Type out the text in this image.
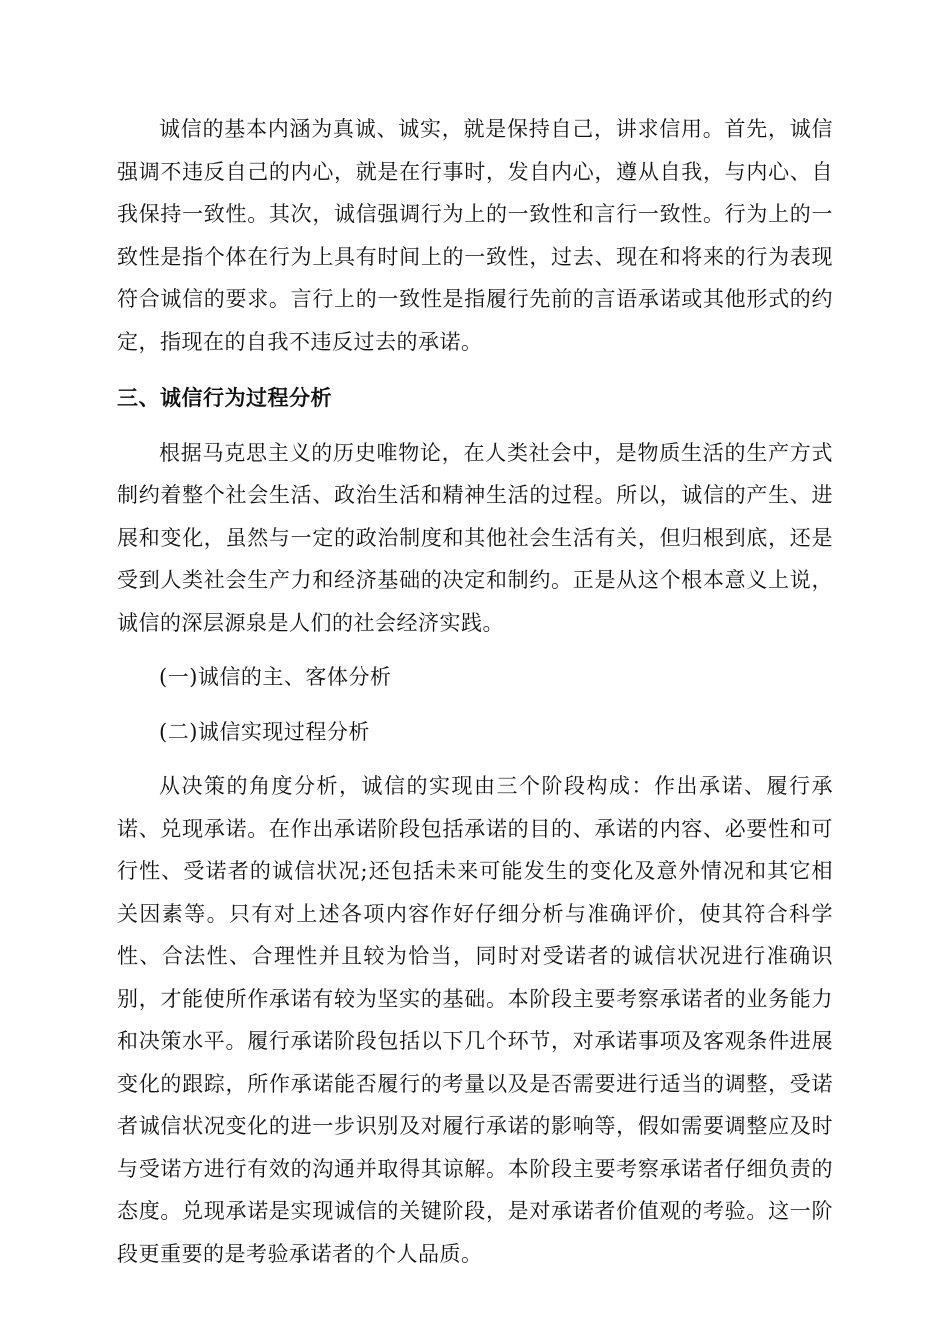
诚信的基本内涵为真诚、诚实，就是保持自己，讲求信用。首先，诚信强调不违反自己的内心，就是在行事时，发自内心，遵从自我，与内心、自我保持一致性。其次，诚信强调行为上的一致性和言行一致性。行为上的一致性是指个体在行为上具有时间上的一致性，过去、现在和将来的行为表现符合诚信的要求。言行上的一致性是指履行先前的言语承诺或其他形式的约定，指现在的自我不违反过去的承诺。

三、诚信行为过程分析

根据马克思主义的历史唯物论，在人类社会中，是物质生活的生产方式制约着整个社会生活、政治生活和精神生活的过程。所以，诚信的产生、进展和变化，虽然与一定的政治制度和其他社会生活有关，但归根到底，还是受到人类社会生产力和经济基础的决定和制约。正是从这个根本意义上说，诚信的深层源泉是人们的社会经济实践。

(一)诚信的主、客体分析

(二)诚信实现过程分析

从决策的角度分析，诚信的实现由三个阶段构成：作出承诺、履行承诺、兑现承诺。在作出承诺阶段包括承诺的目的、承诺的内容、必要性和可行性、受诺者的诚信状况;还包括未来可能发生的变化及意外情况和其它相关因素等。只有对上述各项内容作好仔细分析与准确评价，使其符合科学性、合法性、合理性并且较为恰当，同时对受诺者的诚信状况进行准确识别，才能使所作承诺有较为坚实的基础。本阶段主要考察承诺者的业务能力和决策水平。履行承诺阶段包括以下几个环节，对承诺事项及客观条件进展变化的跟踪，所作承诺能否履行的考量以及是否需要进行适当的调整，受诺者诚信状况变化的进一步识别及对履行承诺的影响等，假如需要调整应及时与受诺方进行有效的沟通并取得其谅解。本阶段主要考察承诺者仔细负责的态度。兑现承诺是实现诚信的关键阶段，是对承诺者价值观的考验。这一阶段更重要的是考验承诺者的个人品质。
